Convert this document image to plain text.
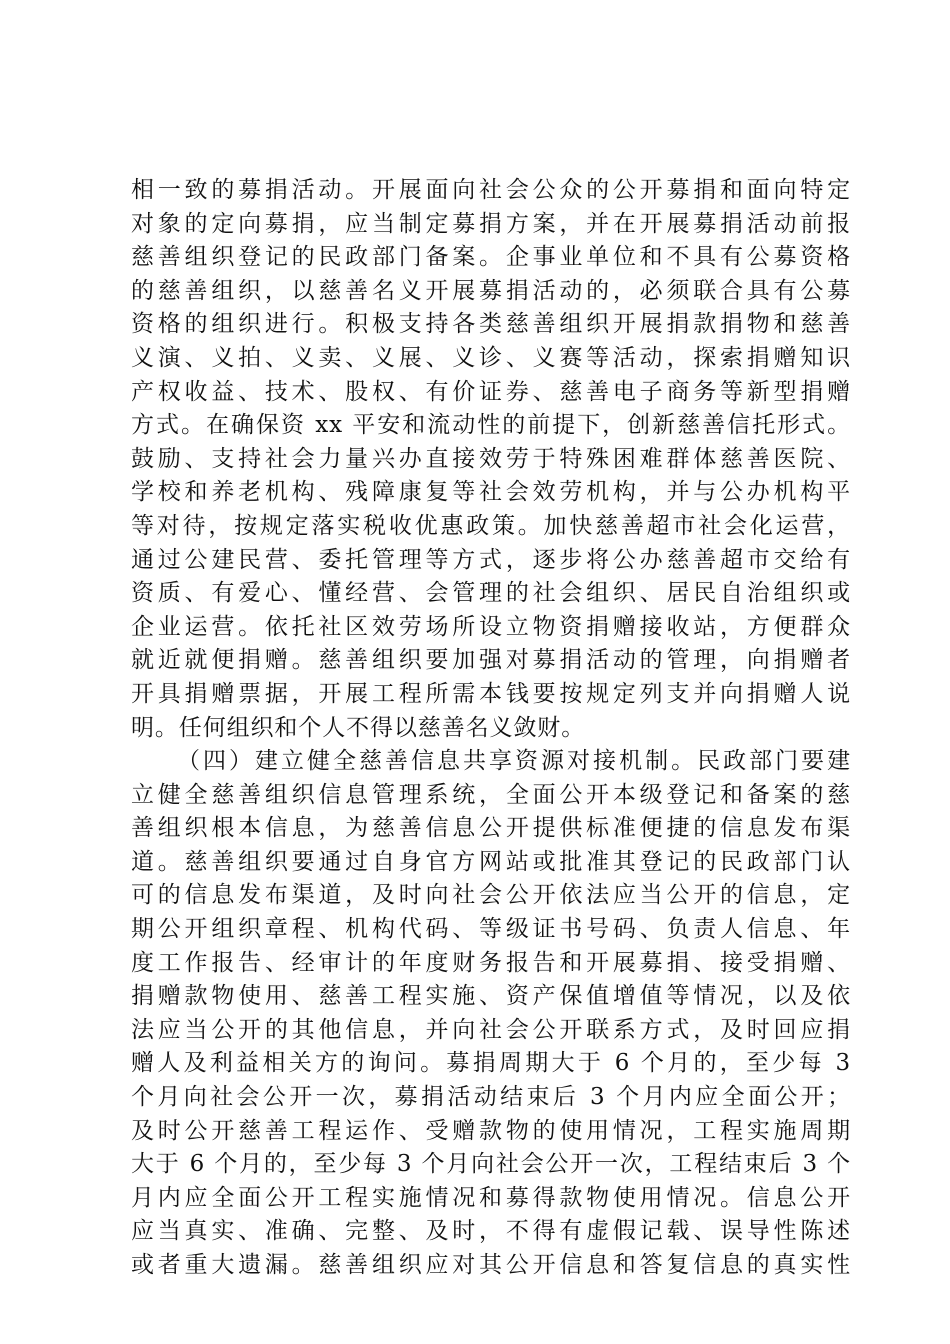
相一致的募捐活动。开展面向社会公众的公开募捐和面向特定
对象的定向募捐，应当制定募捐方案，并在开展募捐活动前报
慈善组织登记的民政部门备案。企事业单位和不具有公募资格
的慈善组织，以慈善名义开展募捐活动的，必须联合具有公募
资格的组织进行。积极支持各类慈善组织开展捐款捐物和慈善
义演、义拍、义卖、义展、义诊、义赛等活动，探索捐赠知识
产权收益、技术、股权、有价证券、慈善电子商务等新型捐赠
方式。在确保资 xx 平安和流动性的前提下，创新慈善信托形式。
鼓励、支持社会力量兴办直接效劳于特殊困难群体慈善医院、
学校和养老机构、残障康复等社会效劳机构，并与公办机构平
等对待，按规定落实税收优惠政策。加快慈善超市社会化运营，
通过公建民营、委托管理等方式，逐步将公办慈善超市交给有
资质、有爱心、懂经营、会管理的社会组织、居民自治组织或
企业运营。依托社区效劳场所设立物资捐赠接收站，方便群众
就近就便捐赠。慈善组织要加强对募捐活动的管理，向捐赠者
开具捐赠票据，开展工程所需本钱要按规定列支并向捐赠人说
明。任何组织和个人不得以慈善名义敛财。
（四）建立健全慈善信息共享资源对接机制。民政部门要建
立健全慈善组织信息管理系统，全面公开本级登记和备案的慈
善组织根本信息，为慈善信息公开提供标准便捷的信息发布渠
道。慈善组织要通过自身官方网站或批准其登记的民政部门认
可的信息发布渠道，及时向社会公开依法应当公开的信息，定
期公开组织章程、机构代码、等级证书号码、负责人信息、年
度工作报告、经审计的年度财务报告和开展募捐、接受捐赠、
捐赠款物使用、慈善工程实施、资产保值增值等情况，以及依
法应当公开的其他信息，并向社会公开联系方式，及时回应捐
赠人及利益相关方的询问。募捐周期大于 6 个月的，至少每 3
个月向社会公开一次，募捐活动结束后 3 个月内应全面公开；
及时公开慈善工程运作、受赠款物的使用情况，工程实施周期
大于 6 个月的，至少每 3 个月向社会公开一次，工程结束后 3 个
月内应全面公开工程实施情况和募得款物使用情况。信息公开
应当真实、准确、完整、及时，不得有虚假记载、误导性陈述
或者重大遗漏。慈善组织应对其公开信息和答复信息的真实性
